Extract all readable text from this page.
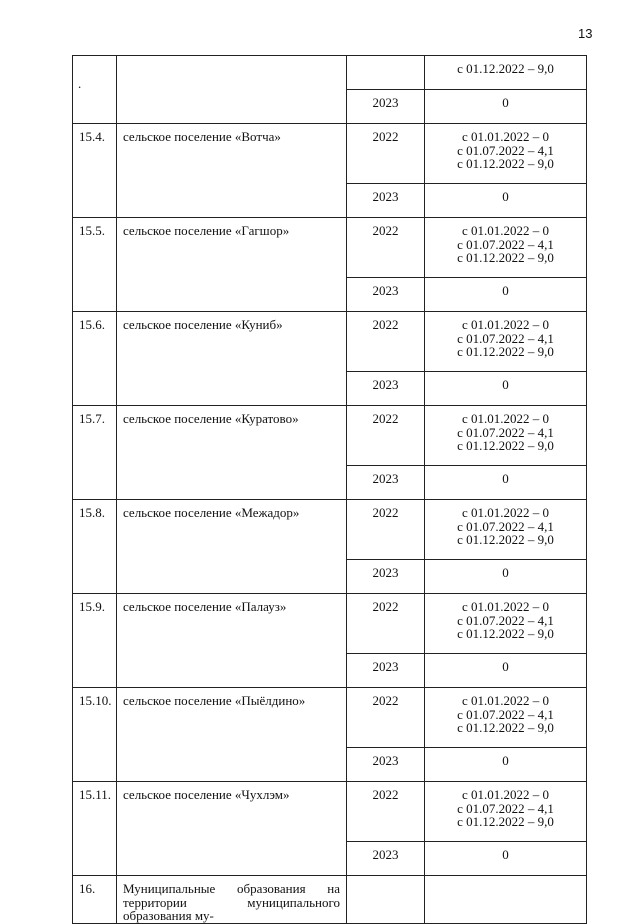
13
.

			с 01.12.2022 – 9,0

		2023	0
15.4.	сельское поселение «Вотча»	2022	с 01.01.2022 – 0
с 01.07.2022 – 4,1
с 01.12.2022 – 9,0

		2023	0
15.5.	сельское поселение «Гагшор»	2022	с 01.01.2022 – 0
с 01.07.2022 – 4,1
с 01.12.2022 – 9,0

		2023	0
15.6.	сельское поселение «Куниб»	2022	с 01.01.2022 – 0
с 01.07.2022 – 4,1
с 01.12.2022 – 9,0

		2023	0
15.7.	сельское поселение «Куратово»	2022	с 01.01.2022 – 0
с 01.07.2022 – 4,1
с 01.12.2022 – 9,0

		2023	0
15.8.	сельское поселение «Межадор»	2022	с 01.01.2022 – 0
с 01.07.2022 – 4,1
с 01.12.2022 – 9,0

		2023	0
15.9.	сельское поселение «Палауз»	2022	с 01.01.2022 – 0
с 01.07.2022 – 4,1
с 01.12.2022 – 9,0

		2023	0
15.10.	сельское поселение «Пыёлдино»	2022	с 01.01.2022 – 0
с 01.07.2022 – 4,1
с 01.12.2022 – 9,0

		2023	0
15.11.	сельское поселение «Чухлэм»	2022	с 01.01.2022 – 0
с 01.07.2022 – 4,1
с 01.12.2022 – 9,0

		2023	0
16.	Муниципальные образования на территории муниципального образования му-		
